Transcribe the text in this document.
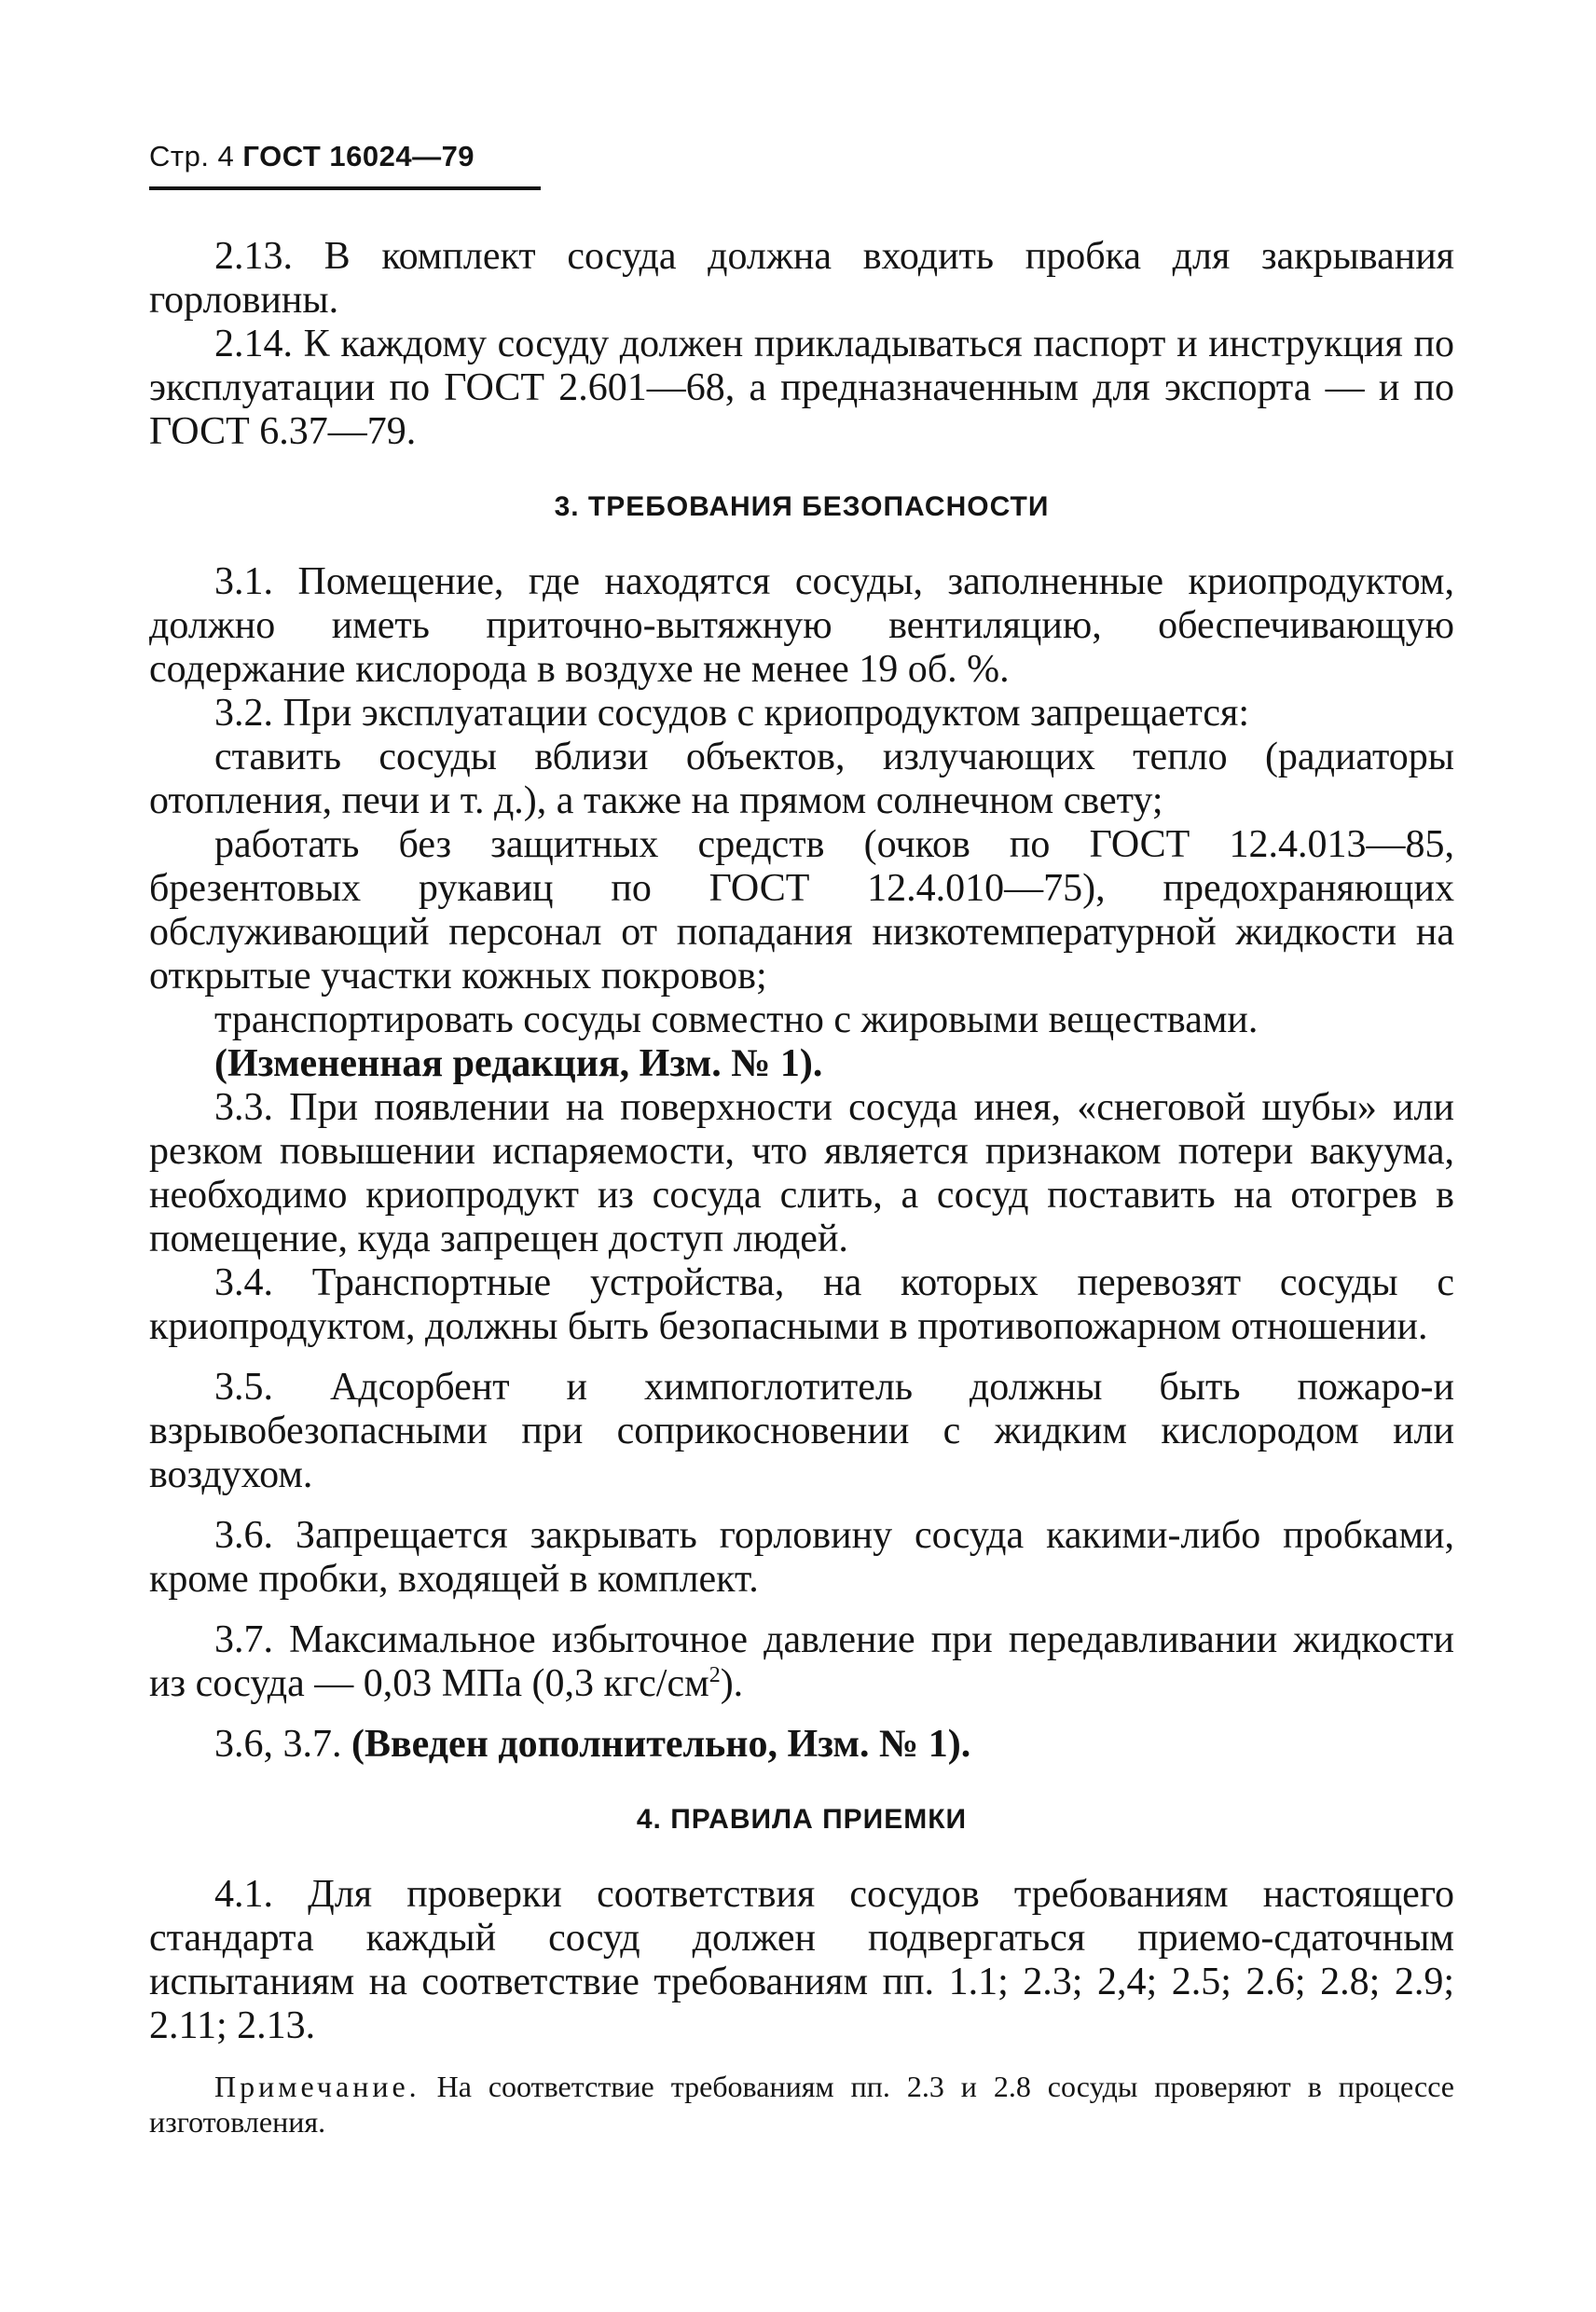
Стр. 4 ГОСТ 16024—79

2.13. В комплект сосуда должна входить пробка для закрывания горловины.

2.14. К каждому сосуду должен прикладываться паспорт и инструкция по эксплуатации по ГОСТ 2.601—68, а предназначенным для экспорта — и по ГОСТ 6.37—79.

3. ТРЕБОВАНИЯ БЕЗОПАСНОСТИ

3.1. Помещение, где находятся сосуды, заполненные криопродуктом, должно иметь приточно-вытяжную вентиляцию, обеспечивающую содержание кислорода в воздухе не менее 19 об. %.

3.2. При эксплуатации сосудов с криопродуктом запрещается:

ставить сосуды вблизи объектов, излучающих тепло (радиаторы отопления, печи и т. д.), а также на прямом солнечном свету;

работать без защитных средств (очков по ГОСТ 12.4.013—85, брезентовых рукавиц по ГОСТ 12.4.010—75), предохраняющих обслуживающий персонал от попадания низкотемпературной жидкости на открытые участки кожных покровов;

транспортировать сосуды совместно с жировыми веществами.

(Измененная редакция, Изм. № 1).

3.3. При появлении на поверхности сосуда инея, «снеговой шубы» или резком повышении испаряемости, что является признаком потери вакуума, необходимо криопродукт из сосуда слить, а сосуд поставить на отогрев в помещение, куда запрещен доступ людей.

3.4. Транспортные устройства, на которых перевозят сосуды с криопродуктом, должны быть безопасными в противопожарном отношении.

3.5. Адсорбент и химпоглотитель должны быть пожаро-и взрывобезопасными при соприкосновении с жидким кислородом или воздухом.

3.6. Запрещается закрывать горловину сосуда какими-либо пробками, кроме пробки, входящей в комплект.

3.7. Максимальное избыточное давление при передавливании жидкости из сосуда — 0,03 МПа (0,3 кгс/$см^2$).

3.6, 3.7. (Введен дополнительно, Изм. № 1).

4. ПРАВИЛА ПРИЕМКИ

4.1. Для проверки соответствия сосудов требованиям настоящего стандарта каждый сосуд должен подвергаться приемо-сдаточным испытаниям на соответствие требованиям пп. 1.1; 2.3; 2,4; 2.5; 2.6; 2.8; 2.9; 2.11; 2.13.

Примечание. На соответствие требованиям пп. 2.3 и 2.8 сосуды проверяют в процессе изготовления.
